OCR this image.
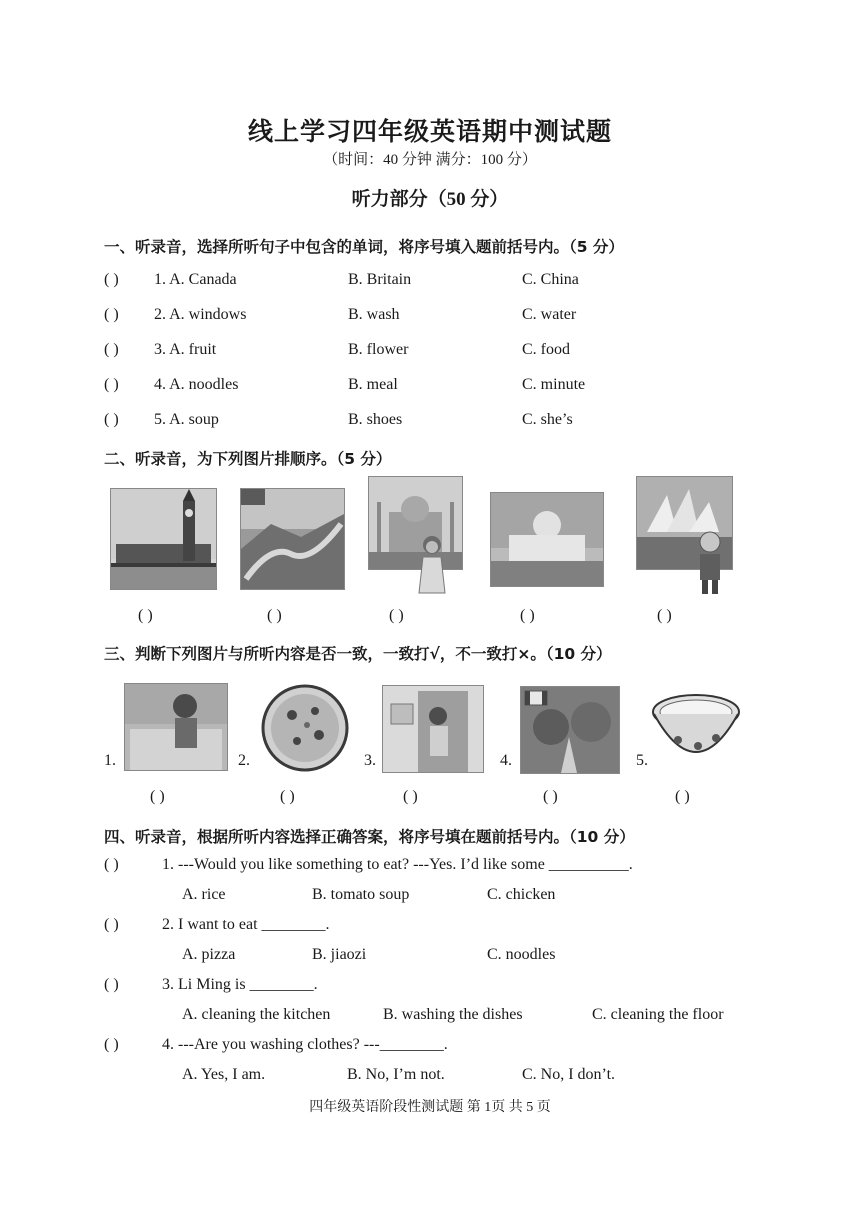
线上学习四年级英语期中测试题
（时间：40 分钟 满分：100 分）
听力部分（50 分）
一、听录音，选择所听句子中包含的单词，将序号填入题前括号内。（5 分）
( ) 1. A. Canada	B. Britain	C. China
( ) 2. A. windows	B. wash	C. water
( ) 3. A. fruit	B. flower	C. food
( ) 4. A. noodles	B. meal	C. minute
( ) 5. A. soup	B. shoes	C. she’s
二、听录音，为下列图片排顺序。（5 分）
( )	( )	( )	( )	( )
三、判断下列图片与所听内容是否一致，一致打√，不一致打×。（10 分）
1.	2.	3.	4.	5.
( )	( )	( )	( )	( )
四、听录音，根据所听内容选择正确答案，将序号填在题前括号内。（10 分）
( )	1. ---Would you like something to eat? ---Yes. I’d like some __________.
A. rice	B. tomato soup	C. chicken
( )	2. I want to eat ________.
A. pizza	B. jiaozi	C. noodles
( )	3. Li Ming is ________.
A. cleaning the kitchen	B. washing the dishes	C. cleaning the floor
( )	4. ---Are you washing clothes? ---________.
A. Yes, I am.	B. No, I’m not.	C. No, I don’t.
四年级英语阶段性测试题 第 1页 共 5 页
